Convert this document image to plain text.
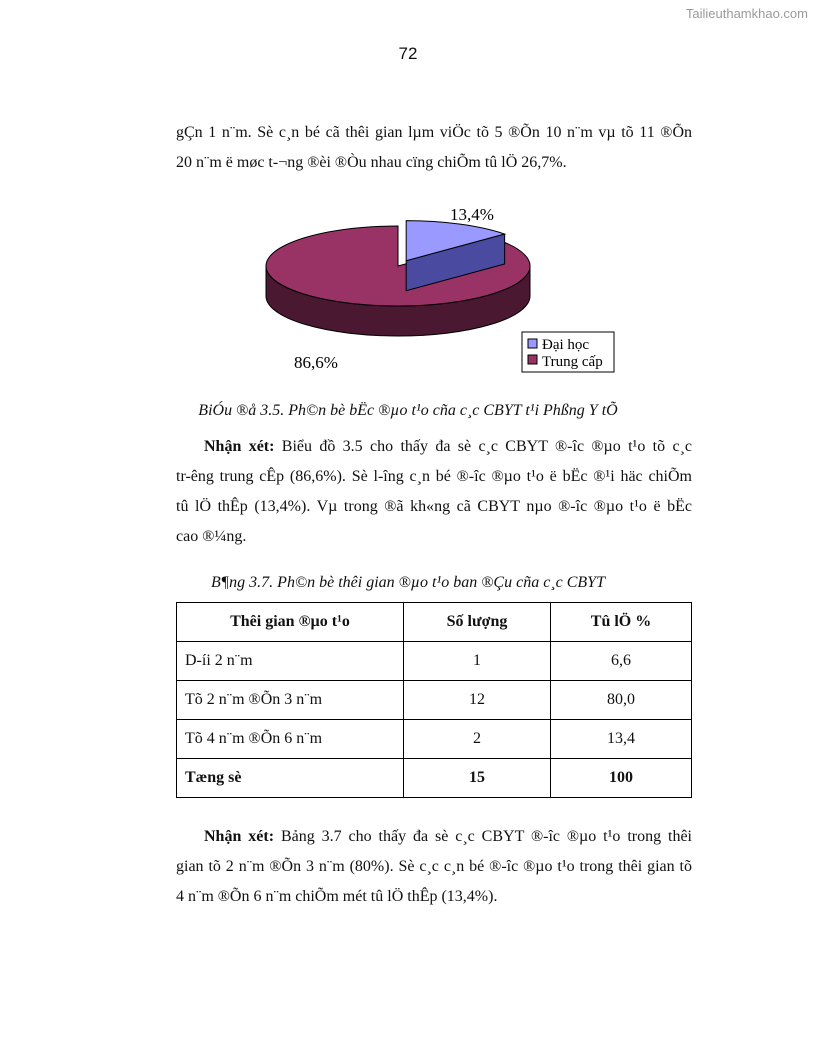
Tailieuthamkhao.com
72

gÇn 1 n¨m. Sè c¸n bé cã thêi gian lµm viÖc tõ 5 ®Õn 10 n¨m vµ tõ 11 ®Õn
20 n¨m ë møc t-¬ng ®èi ®Òu nhau cïng chiÕm tû lÖ 26,7%.

13,4%
86,6%
Đại học
Trung cấp
BiÓu ®å 3.5. Ph©n bè bËc ®µo t¹o cña c¸c CBYT t¹i Phßng Y tÕ

Nhận xét: Biểu đồ 3.5 cho thấy đa sè c¸c CBYT ®-îc ®µo t¹o tõ c¸c
tr-êng trung cÊp (86,6%). Sè l-îng c¸n bé ®-îc ®µo t¹o ë bËc ®¹i häc chiÕm
tû lÖ thÊp (13,4%). Vµ trong ®ã kh«ng cã CBYT nµo ®-îc ®µo t¹o ë bËc
cao ®¼ng.

B¶ng 3.7. Ph©n bè thêi gian ®µo t¹o ban ®Çu cña c¸c CBYT
Thêi gian ®µo t¹o	Số lượng	Tû lÖ %
D-íi 2 n¨m	1	6,6
Tõ 2 n¨m ®Õn 3 n¨m	12	80,0
Tõ 4 n¨m ®Õn 6 n¨m	2	13,4
Tæng sè	15	100

Nhận xét: Bảng 3.7 cho thấy đa sè c¸c CBYT ®-îc ®µo t¹o trong thêi
gian tõ 2 n¨m ®Õn 3 n¨m (80%). Sè c¸c c¸n bé ®-îc ®µo t¹o trong thêi gian tõ
4 n¨m ®Õn 6 n¨m chiÕm mét tû lÖ thÊp (13,4%).
